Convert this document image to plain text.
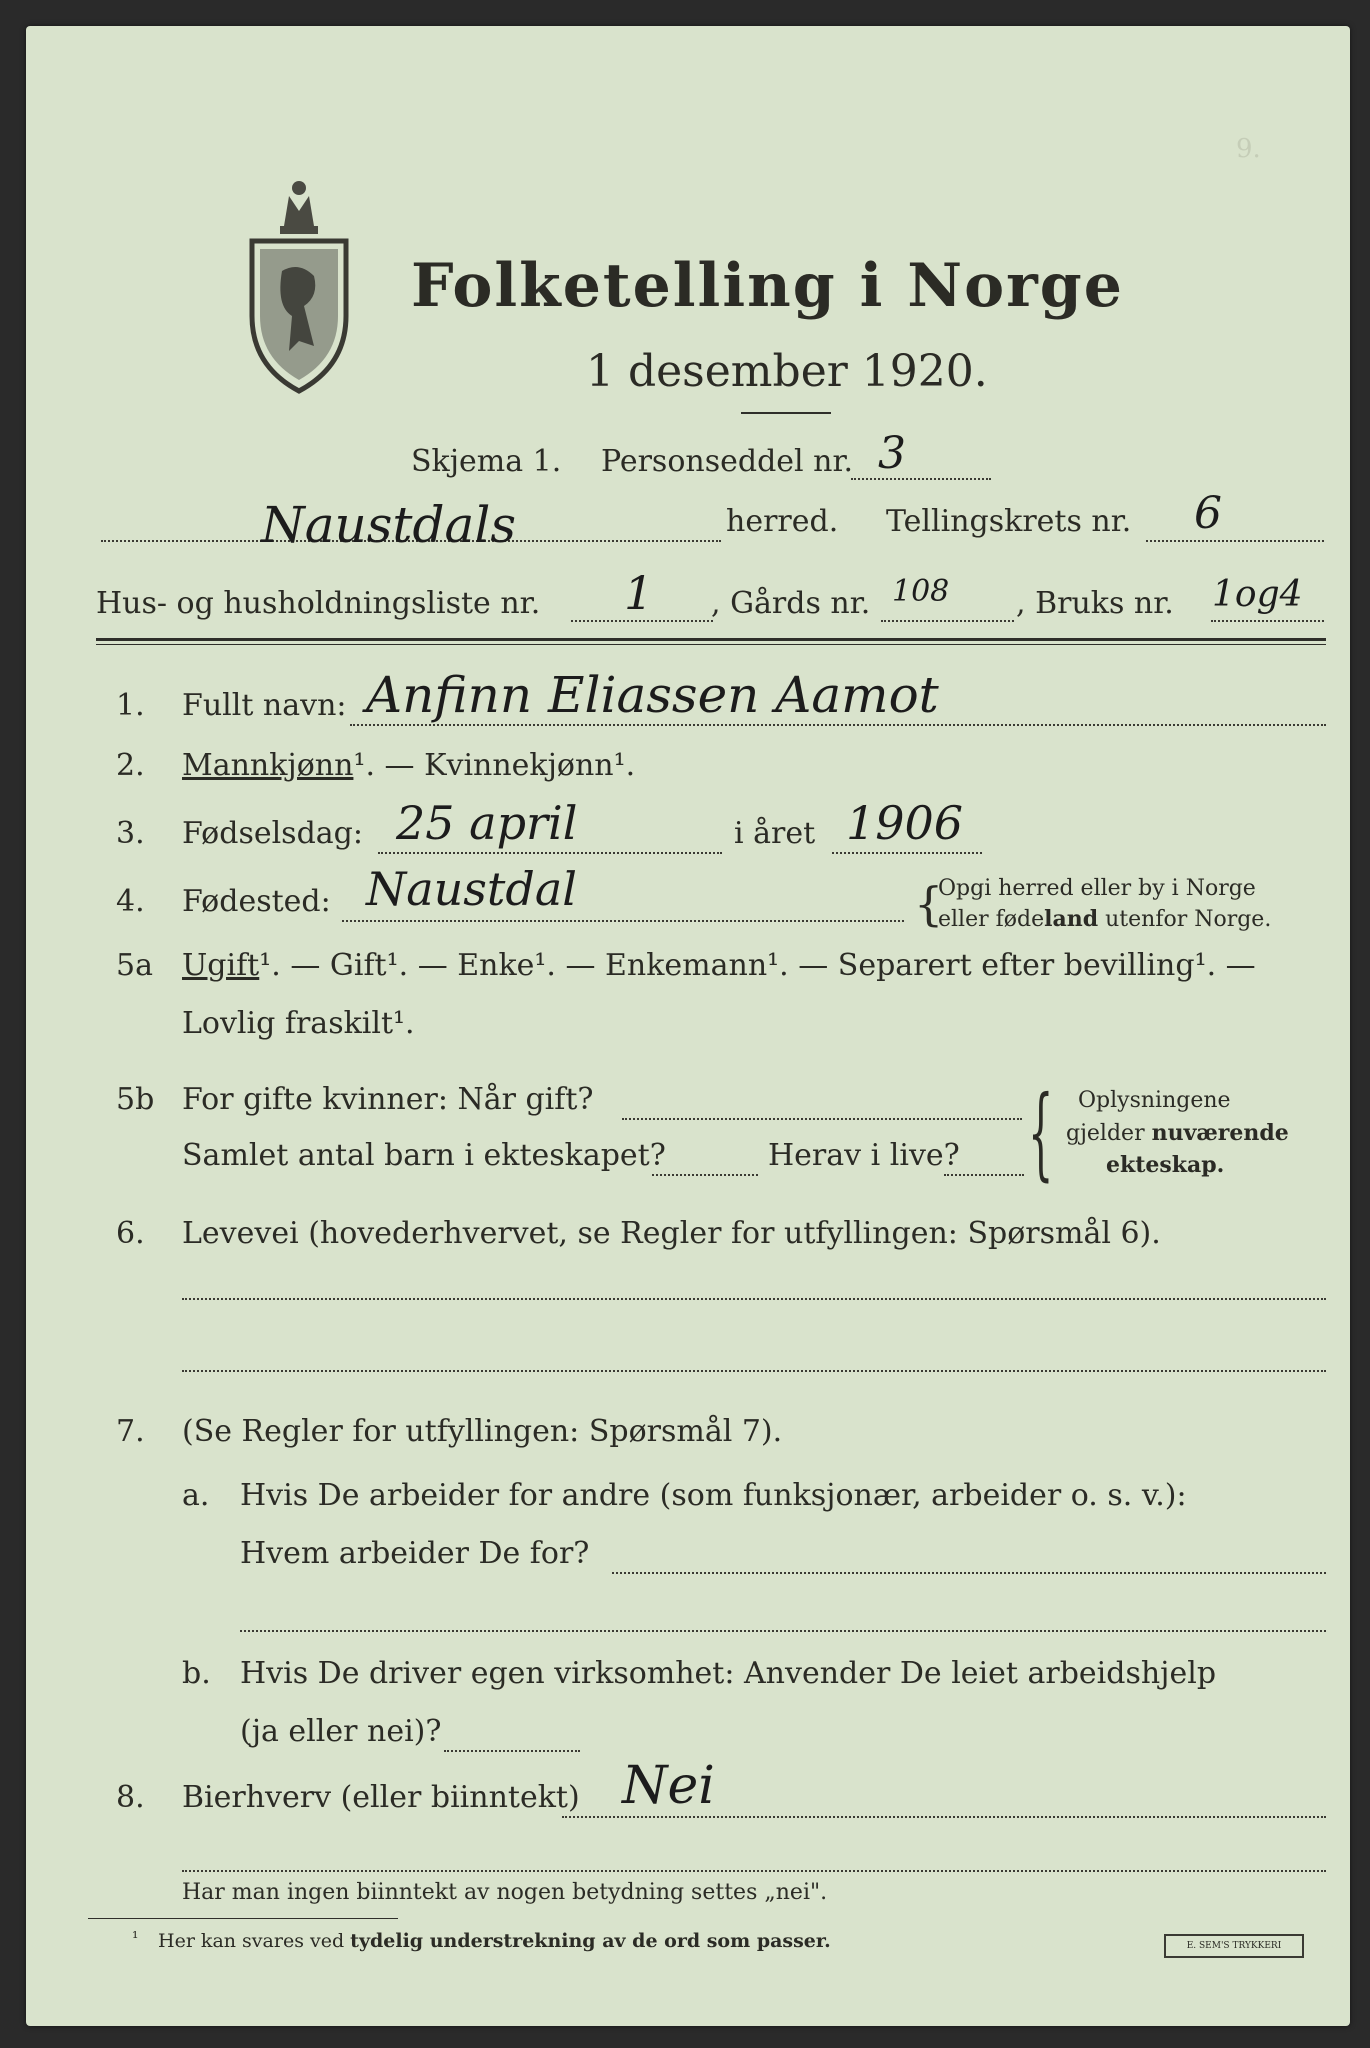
9.
Folketelling i Norge
1 desember 1920.
Skjema 1. Personseddel nr. 3
Naustdals	herred. Tellingskrets nr. 6
Hus- og husholdningsliste nr. 1 , Gårds nr. 108 , Bruks nr. 1og4
1. Fullt navn: Anfinn Eliassen Aamot
2. Mannkjønn¹. — Kvinnekjønn¹.
3. Fødselsdag: 25 april	i året 1906
4. Fødested: Naustdal	{
Opgi herred eller by i Norge
eller fødeland utenfor Norge.
5a Ugift¹. — Gift¹. — Enke¹. — Enkemann¹. — Separert efter bevilling¹. —
Lovlig fraskilt¹.
5b For gifte kvinner: Når gift?
Samlet antal barn i ekteskapet?	Herav i live? { Oplysningene
gjelder nuværende
ekteskap.
6. Levevei (hovederhvervet, se Regler for utfyllingen: Spørsmål 6).
7. (Se Regler for utfyllingen: Spørsmål 7).
a. Hvis De arbeider for andre (som funksjonær, arbeider o. s. v.):
Hvem arbeider De for?
b. Hvis De driver egen virksomhet: Anvender De leiet arbeidshjelp
(ja eller nei)?
8. Bierhverv (eller biinntekt) Nei
Har man ingen biinntekt av nogen betydning settes „nei".
¹ Her kan svares ved tydelig understrekning av de ord som passer.	E. SEM'S TRYKKERI
